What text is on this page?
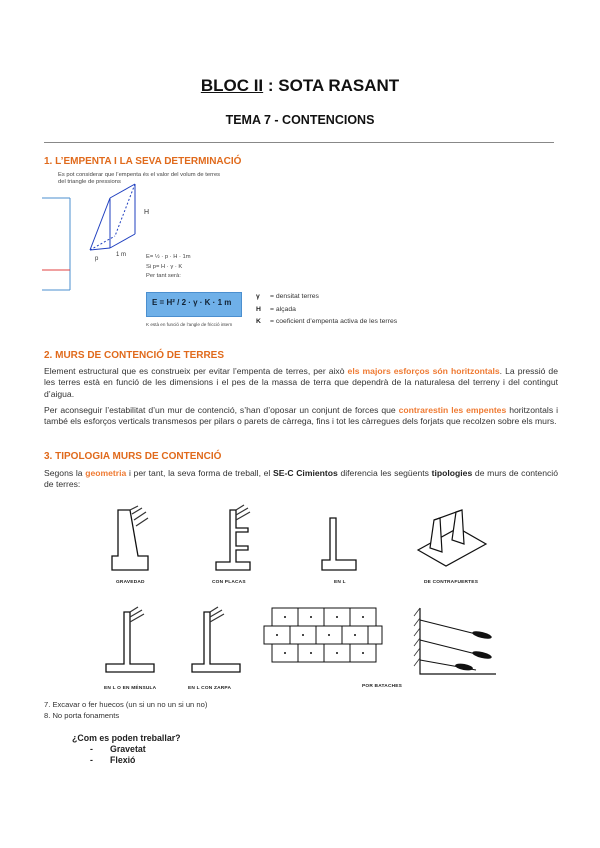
BLOC II : SOTA RASANT
TEMA 7 - CONTENCIONS
1. L’EMPENTA I LA SEVA DETERMINACIÓ
Es pot considerar que l’empenta és el valor del volum de terres
del triangle de pressions
H
p
1 m	E= ½ · p · H · 1m
Si p= H · γ · K
Per tant serà:
E = H² / 2 · γ · K · 1 m
K està en funció de l’angle de fricció intern
γ = densitat terres
H = alçada
K = coeficient d’empenta activa de les terres
2. MURS DE CONTENCIÓ DE TERRES
Element estructural que es construeix per evitar l’empenta de terres, per això els majors esforços són horitzontals. La pressió de les terres està en funció de les dimensions i el pes de la massa de terra que dependrà de la naturalesa del terreny i del contingut d’aigua.
Per aconseguir l’estabilitat d’un mur de contenció, s’han d’oposar un conjunt de forces que contrarestin les empentes horitzontals i també els esforços verticals transmesos per pilars o parets de càrrega, fins i tot les càrregues dels forjats que recolzen sobre els murs.
3. TIPOLOGIA MURS DE CONTENCIÓ
Segons la geometria i per tant, la seva forma de treball, el SE-C Cimientos diferencia les següents tipologies de murs de contenció de terres:
GRAVEDAD	CON PLACAS	EN L	DE CONTRAFUERTES
EN L O EN MÉNSULA	EN L CON ZARPA	POR BATACHES
7. Excavar o fer huecos (un si un no un si un no)
8. No porta fonaments
¿Com es poden treballar?
- Gravetat
- Flexió
